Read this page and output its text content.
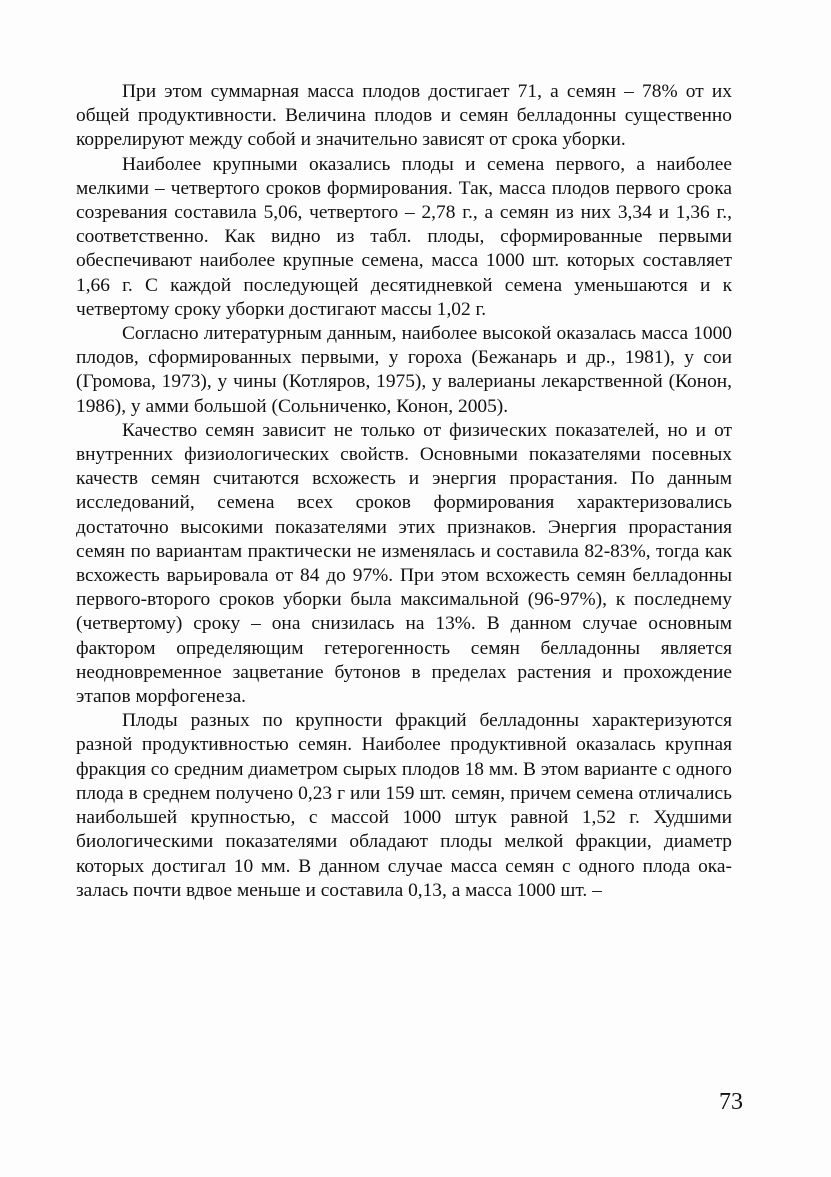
При этом суммарная масса плодов достигает 71, а семян – 78% от их общей продуктивности. Величина плодов и семян белладонны существенно коррелируют между собой и значительно зависят от срока уборки.

Наиболее крупными оказались плоды и семена первого, а наиболее мелкими – четвертого сроков формирования. Так, масса плодов первого срока созревания составила 5,06, четвертого – 2,78 г., а семян из них 3,34 и 1,36 г., соответственно. Как видно из табл. плоды, сформированные первыми обеспечивают наиболее крупные семена, масса 1000 шт. которых составляет 1,66 г. С каждой последующей десятидневкой семена уменьшаются и к четвертому сроку уборки достигают массы 1,02 г.

Согласно литературным данным, наиболее высокой оказалась масса 1000 плодов, сформированных первыми, у гороха (Бежанарь и др., 1981), у сои (Громова, 1973), у чины (Котляров, 1975), у валерианы лекарственной (Конон, 1986), у амми большой (Сольниченко, Конон, 2005).

Качество семян зависит не только от физических показателей, но и от внутренних физиологических свойств. Основными показателями посевных качеств семян считаются всхожесть и энергия прорастания. По данным исследований, семена всех сроков формирования характеризовались достаточно высокими показателями этих признаков. Энергия прорастания семян по вариантам практически не изменялась и составила 82-83%, тогда как всхожесть варьировала от 84 до 97%. При этом всхожесть семян белладонны первого-второго сроков уборки была максимальной (96-97%), к последнему (четвертому) сроку – она снизилась на 13%. В данном случае основным фактором определяющим гетерогенность семян белладонны является неодновременное зацветание бутонов в пределах растения и прохождение этапов морфогенеза.

Плоды разных по крупности фракций белладонны характеризуются разной продуктивностью семян. Наиболее продуктивной оказалась крупная фракция со средним диаметром сырых плодов 18 мм. В этом варианте с одного плода в среднем получено 0,23 г или 159 шт. семян, причем семена отличались наибольшей крупностью, с массой 1000 штук равной 1,52 г. Худшими биологическими показателями обладают плоды мелкой фракции, диаметр которых достигал 10 мм. В данном случае масса семян с одного плода оказалась почти вдвое меньше и составила 0,13, а масса 1000 шт. –

73
